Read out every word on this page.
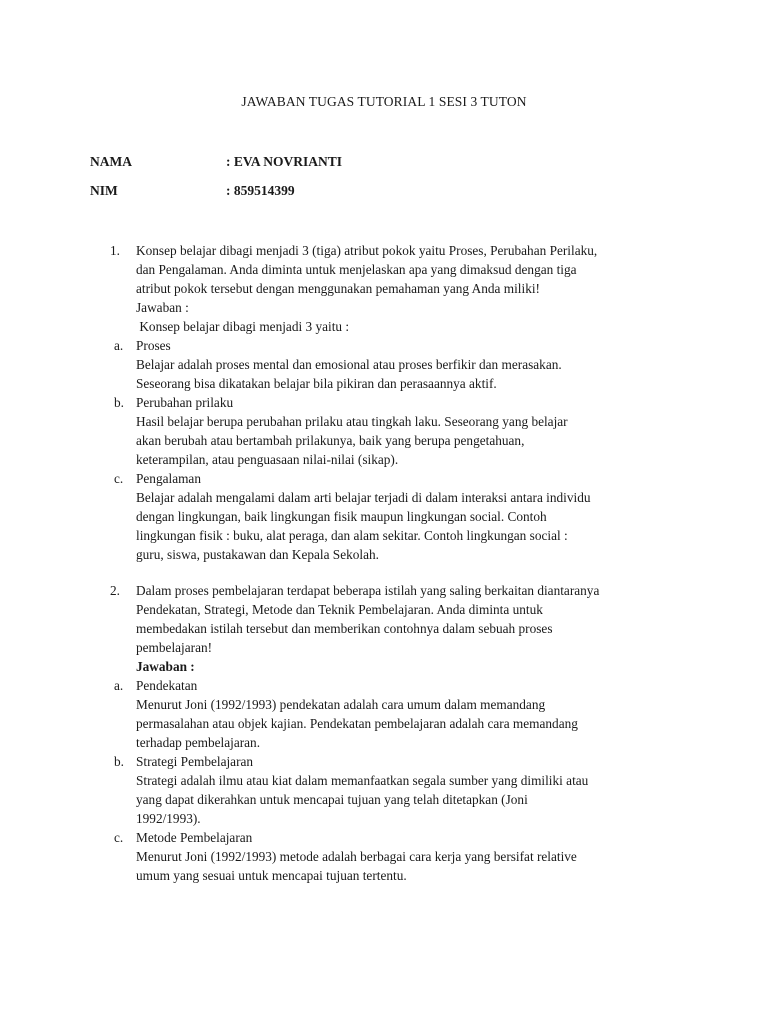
JAWABAN TUGAS TUTORIAL 1 SESI 3 TUTON
NAMA	: EVA NOVRIANTI
NIM	: 859514399
1.	Konsep belajar dibagi menjadi 3 (tiga) atribut pokok yaitu Proses, Perubahan Perilaku,

dan Pengalaman. Anda diminta untuk menjelaskan apa yang dimaksud dengan tiga

atribut pokok tersebut dengan menggunakan pemahaman yang Anda miliki!

Jawaban :

Konsep belajar dibagi menjadi 3 yaitu :

a. Proses

Belajar adalah proses mental dan emosional atau proses berfikir dan merasakan.

Seseorang bisa dikatakan belajar bila pikiran dan perasaannya aktif.

b. Perubahan prilaku

Hasil belajar berupa perubahan prilaku atau tingkah laku. Seseorang yang belajar

akan berubah atau bertambah prilakunya, baik yang berupa pengetahuan,

keterampilan, atau penguasaan nilai-nilai (sikap).

c. Pengalaman

Belajar adalah mengalami dalam arti belajar terjadi di dalam interaksi antara individu

dengan lingkungan, baik lingkungan fisik maupun lingkungan social. Contoh

lingkungan fisik : buku, alat peraga, dan alam sekitar. Contoh lingkungan social :

guru, siswa, pustakawan dan Kepala Sekolah.

2.	Dalam proses pembelajaran terdapat beberapa istilah yang saling berkaitan diantaranya

Pendekatan, Strategi, Metode dan Teknik Pembelajaran. Anda diminta untuk

membedakan istilah tersebut dan memberikan contohnya dalam sebuah proses

pembelajaran!

Jawaban :

a. Pendekatan

Menurut Joni (1992/1993) pendekatan adalah cara umum dalam memandang

permasalahan atau objek kajian. Pendekatan pembelajaran adalah cara memandang

terhadap pembelajaran.

b. Strategi Pembelajaran

Strategi adalah ilmu atau kiat dalam memanfaatkan segala sumber yang dimiliki atau

yang dapat dikerahkan untuk mencapai tujuan yang telah ditetapkan (Joni

1992/1993).

c. Metode Pembelajaran

Menurut Joni (1992/1993) metode adalah berbagai cara kerja yang bersifat relative

umum yang sesuai untuk mencapai tujuan tertentu.
